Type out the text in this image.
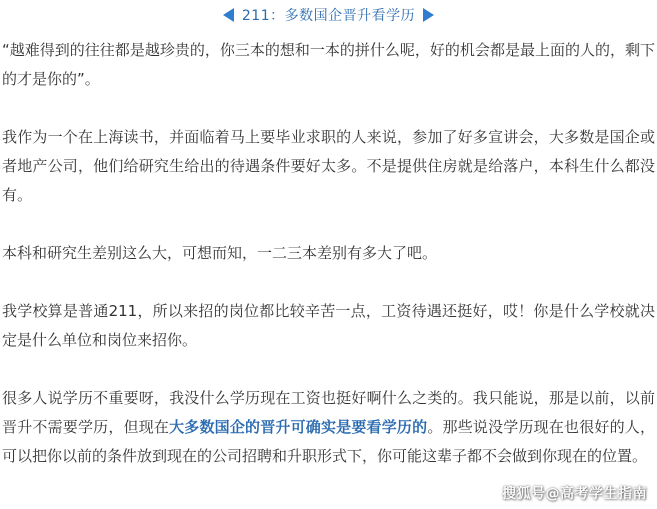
211：多数国企晋升看学历

“越难得到的往往都是越珍贵的，你三本的想和一本的拼什么呢，好的机会都是最上面的人的，剩下的才是你的”。

我作为一个在上海读书，并面临着马上要毕业求职的人来说，参加了好多宣讲会，大多数是国企或者地产公司，他们给研究生给出的待遇条件要好太多。不是提供住房就是给落户，本科生什么都没有。

本科和研究生差别这么大，可想而知，一二三本差别有多大了吧。

我学校算是普通211，所以来招的岗位都比较辛苦一点，工资待遇还挺好，哎！你是什么学校就决定是什么单位和岗位来招你。

很多人说学历不重要呀，我没什么学历现在工资也挺好啊什么之类的。我只能说，那是以前，以前晋升不需要学历，但现在大多数国企的晋升可确实是要看学历的。那些说没学历现在也很好的人，可以把你以前的条件放到现在的公司招聘和升职形式下，你可能这辈子都不会做到你现在的位置。

搜狐号@高考学生指南
